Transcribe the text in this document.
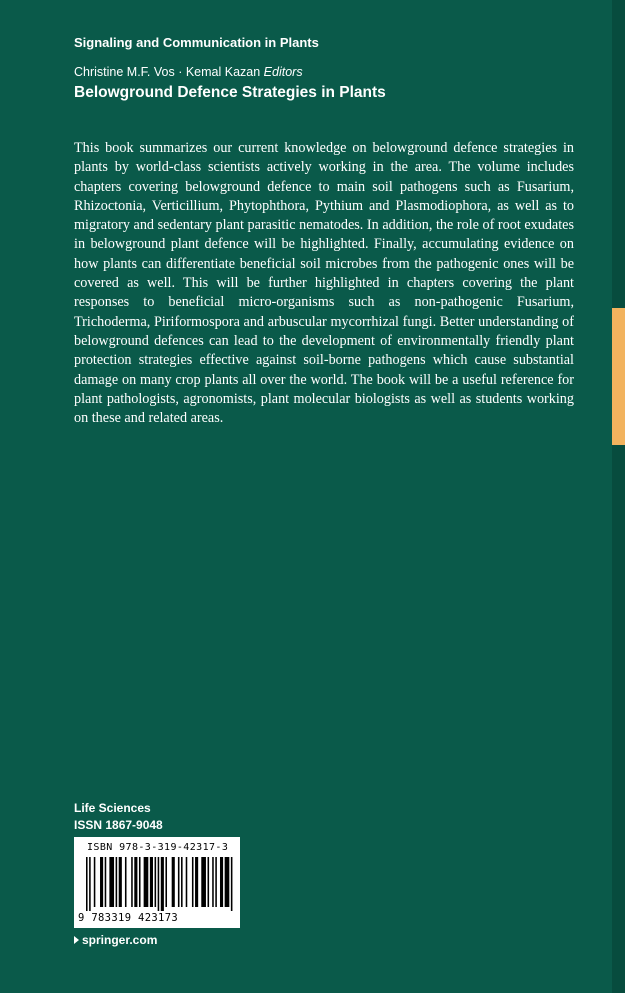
Signaling and Communication in Plants
Christine M.F. Vos · Kemal Kazan Editors
Belowground Defence Strategies in Plants

This book summarizes our current knowledge on belowground defence strategies in plants by world-class scientists actively working in the area. The volume includes chapters covering belowground defence to main soil pathogens such as Fusarium, Rhizoctonia, Verticillium, Phytophthora, Pythium and Plasmodiophora, as well as to migratory and sedentary plant parasitic nematodes. In addition, the role of root exudates in belowground plant defence will be highlighted. Finally, accumulating evidence on how plants can differentiate beneficial soil microbes from the pathogenic ones will be covered as well. This will be further highlighted in chapters covering the plant responses to beneficial micro-organisms such as non-pathogenic Fusarium, Trichoderma, Piriformospora and arbuscular mycorrhizal fungi. Better understanding of belowground defences can lead to the development of environmentally friendly plant protection strategies effective against soil-borne pathogens which cause substantial damage on many crop plants all over the world. The book will be a useful reference for plant pathologists, agronomists, plant molecular biologists as well as students working on these and related areas.

Life Sciences
ISSN 1867-9048
ISBN 978-3-319-42317-3
9 783319 423173
springer.com
